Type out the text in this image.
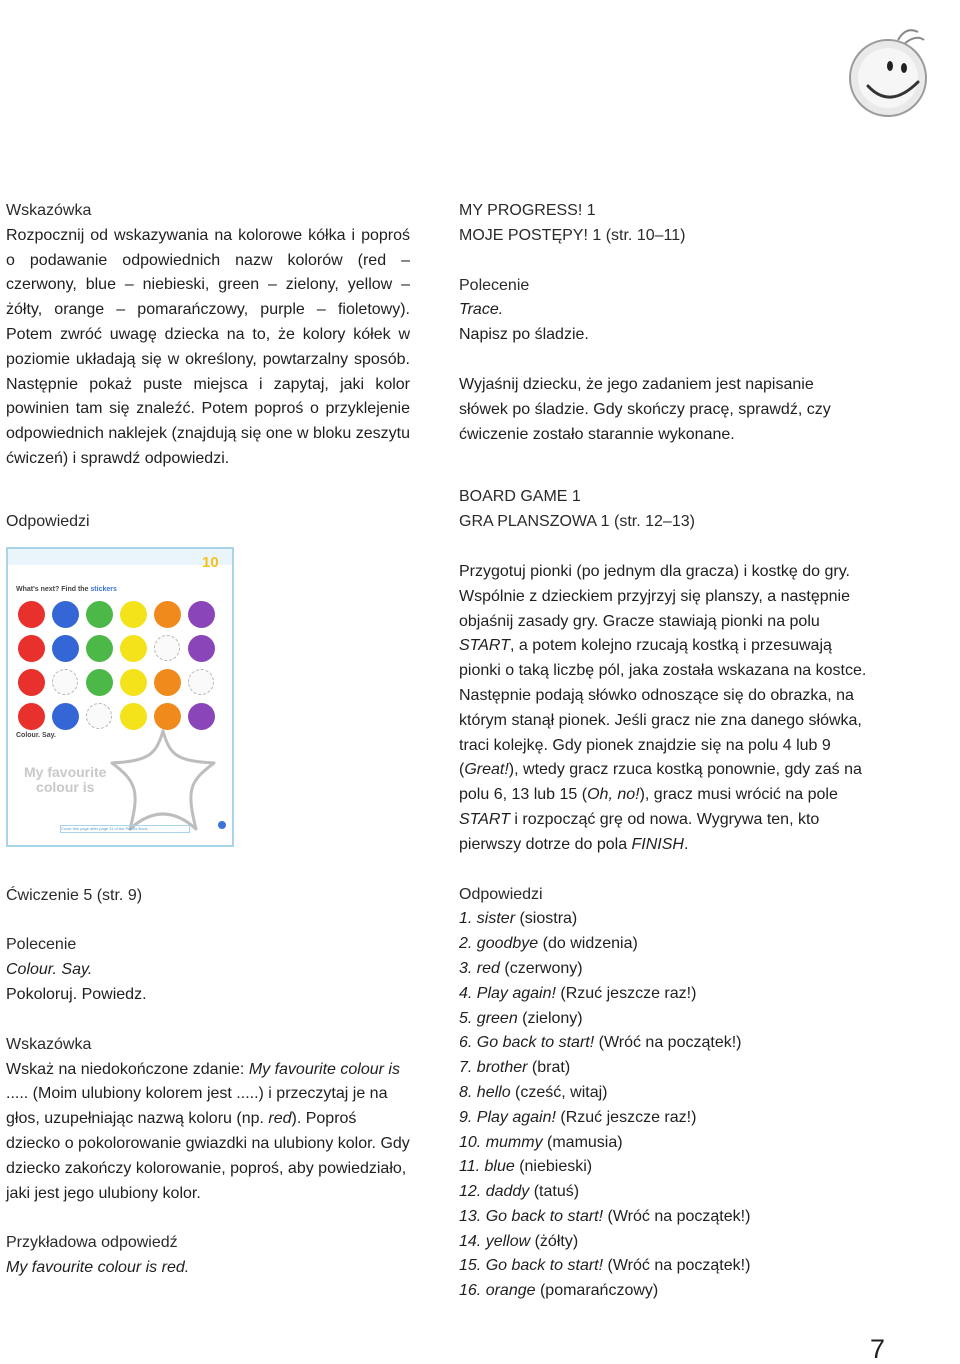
Wskazówka

Rozpocznij od wskazywania na kolorowe kółka i poproś o podawanie odpowiednich nazw kolorów (red – czerwony, blue – niebieski, green – zielony, yellow – żółty, orange – pomarańczowy, purple – fioletowy). Potem zwróć uwagę dziecka na to, że kolory kółek w poziomie układają się w określony, powtarzalny sposób. Następnie pokaż puste miejsca i zapytaj, jaki kolor powinien tam się znaleźć. Potem poproś o przyklejenie odpowiednich naklejek (znajdują się one w bloku zeszytu ćwiczeń) i sprawdź odpowiedzi.

Odpowiedzi

10
What's next? Find the stickers
Colour. Say.
My favourite
colour is
Cover this page after page 11 of the Pupil's Book.

Ćwiczenie 5 (str. 9)

Polecenie

Colour. Say.

Pokoloruj. Powiedz.

Wskazówka

Wskaż na niedokończone zdanie: My favourite colour is ..... (Moim ulubiony kolorem jest .....) i przeczytaj je na głos, uzupełniając nazwą koloru (np. red). Poproś dziecko o pokolorowanie gwiazdki na ulubiony kolor. Gdy dziecko zakończy kolorowanie, poproś, aby powiedziało, jaki jest jego ulubiony kolor.

Przykładowa odpowiedź

My favourite colour is red.

MY PROGRESS! 1

MOJE POSTĘPY! 1 (str. 10–11)

Polecenie

Trace.

Napisz po śladzie.

Wyjaśnij dziecku, że jego zadaniem jest napisanie słówek po śladzie. Gdy skończy pracę, sprawdź, czy ćwiczenie zostało starannie wykonane.

BOARD GAME 1

GRA PLANSZOWA 1 (str. 12–13)

Przygotuj pionki (po jednym dla gracza) i kostkę do gry. Wspólnie z dzieckiem przyjrzyj się planszy, a następnie objaśnij zasady gry. Gracze stawiają pionki na polu START, a potem kolejno rzucają kostką i przesuwają pionki o taką liczbę pól, jaka została wskazana na kostce. Następnie podają słówko odnoszące się do obrazka, na którym stanął pionek. Jeśli gracz nie zna danego słówka, traci kolejkę. Gdy pionek znajdzie się na polu 4 lub 9 (Great!), wtedy gracz rzuca kostką ponownie, gdy zaś na polu 6, 13 lub 15 (Oh, no!), gracz musi wrócić na pole START i rozpocząć grę od nowa. Wygrywa ten, kto pierwszy dotrze do pola FINISH.

Odpowiedzi

1. sister (siostra)
2. goodbye (do widzenia)
3. red (czerwony)
4. Play again! (Rzuć jeszcze raz!)
5. green (zielony)
6. Go back to start! (Wróć na początek!)
7. brother (brat)
8. hello (cześć, witaj)
9. Play again! (Rzuć jeszcze raz!)
10. mummy (mamusia)
11. blue (niebieski)
12. daddy (tatuś)
13. Go back to start! (Wróć na początek!)
14. yellow (żółty)
15. Go back to start! (Wróć na początek!)
16. orange (pomarańczowy)
7
